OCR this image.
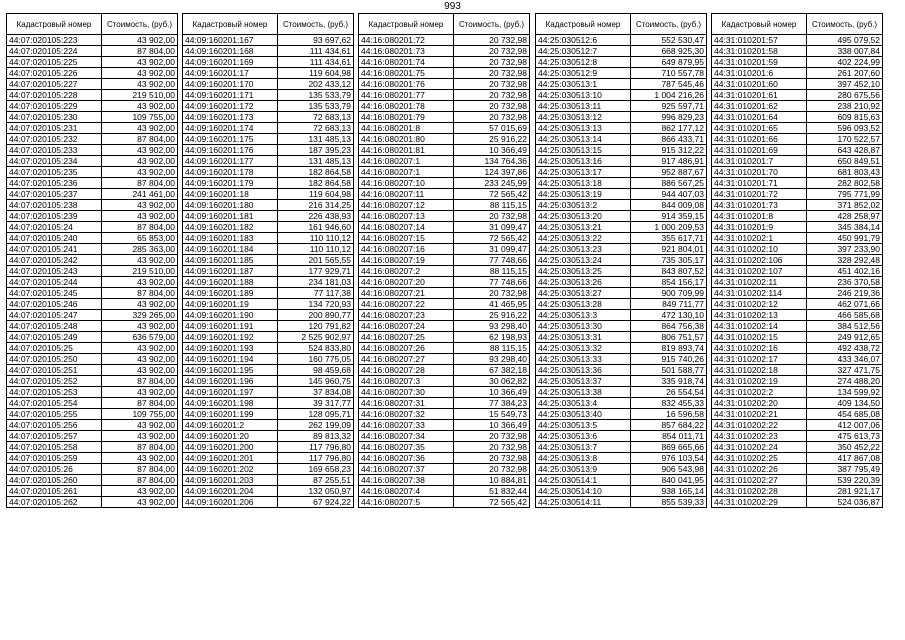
993
Кадастровый номер	Стоимость, (руб.)
44:07:020105:223	43 902,00
44:07:020105:224	87 804,00
44:07:020105:225	43 902,00
44:07:020105:226	43 902,00
44:07:020105:227	43 902,00
44:07:020105:228	219 510,00
44:07:020105:229	43 902,00
44:07:020105:230	109 755,00
44:07:020105:231	43 902,00
44:07:020105:232	87 804,00
44:07:020105:233	43 902,00
44:07:020105:234	43 902,00
44:07:020105:235	43 902,00
44:07:020105:236	87 804,00
44:07:020105:237	241 461,00
44:07:020105:238	43 902,00
44:07:020105:239	43 902,00
44:07:020105:24	87 804,00
44:07:020105:240	65 853,00
44:07:020105:241	285 363,00
44:07:020105:242	43 902,00
44:07:020105:243	219 510,00
44:07:020105:244	43 902,00
44:07:020105:245	87 804,00
44:07:020105:246	43 902,00
44:07:020105:247	329 265,00
44:07:020105:248	43 902,00
44:07:020105:249	636 579,00
44:07:020105:25	43 902,00
44:07:020105:250	43 902,00
44:07:020105:251	43 902,00
44:07:020105:252	87 804,00
44:07:020105:253	43 902,00
44:07:020105:254	87 804,00
44:07:020105:255	109 755,00
44:07:020105:256	43 902,00
44:07:020105:257	43 902,00
44:07:020105:258	87 804,00
44:07:020105:259	43 902,00
44:07:020105:26	87 804,00
44:07:020105:260	87 804,00
44:07:020105:261	43 902,00
44:07:020105:262	43 902,00
Кадастровый номер	Стоимость, (руб.)
44:09:160201:167	93 697,62
44:09:160201:168	111 434,61
44:09:160201:169	111 434,61
44:09:160201:17	119 604,98
44:09:160201:170	202 433,12
44:09:160201:171	135 533,79
44:09:160201:172	135 533,79
44:09:160201:173	72 683,13
44:09:160201:174	72 683,13
44:09:160201:175	131 485,13
44:09:160201:176	187 395,23
44:09:160201:177	131 485,13
44:09:160201:178	182 864,58
44:09:160201:179	182 864,58
44:09:160201:18	119 604,98
44:09:160201:180	216 314,25
44:09:160201:181	226 438,93
44:09:160201:182	161 946,60
44:09:160201:183	110 110,12
44:09:160201:184	110 110,12
44:09:160201:185	201 565,55
44:09:160201:187	177 929,71
44:09:160201:188	234 181,03
44:09:160201:189	77 117,38
44:09:160201:19	134 720,93
44:09:160201:190	200 890,77
44:09:160201:191	120 791,82
44:09:160201:192	2 525 902,97
44:09:160201:193	524 833,80
44:09:160201:194	160 775,05
44:09:160201:195	98 459,68
44:09:160201:196	145 960,75
44:09:160201:197	37 834,08
44:09:160201:198	39 317,77
44:09:160201:199	128 095,71
44:09:160201:2	262 199,09
44:09:160201:20	89 813,32
44:09:160201:200	117 796,80
44:09:160201:201	117 796,80
44:09:160201:202	169 658,23
44:09:160201:203	87 255,51
44:09:160201:204	132 050,97
44:09:160201:206	67 924,22
Кадастровый номер	Стоимость, (руб.)
44:16:080201:72	20 732,98
44:16:080201:73	20 732,98
44:16:080201:74	20 732,98
44:16:080201:75	20 732,98
44:16:080201:76	20 732,98
44:16:080201:77	20 732,98
44:16:080201:78	20 732,98
44:16:080201:79	20 732,98
44:16:080201:8	57 015,69
44:16:080201:80	25 916,22
44:16:080201:81	10 366,49
44:16:080207:1	134 764,36
44:16:080207:1	124 397,86
44:16:080207:10	233 245,99
44:16:080207:11	72 565,42
44:16:080207:12	88 115,15
44:16:080207:13	20 732,98
44:16:080207:14	31 099,47
44:16:080207:15	72 565,42
44:16:080207:16	31 099,47
44:16:080207:19	77 748,66
44:16:080207:2	88 115,15
44:16:080207:20	77 748,66
44:16:080207:21	20 732,98
44:16:080207:22	41 465,95
44:16:080207:23	25 916,22
44:16:080207:24	93 298,40
44:16:080207:25	62 198,93
44:16:080207:26	88 115,15
44:16:080207:27	93 298,40
44:16:080207:28	67 382,18
44:16:080207:3	30 062,82
44:16:080207:30	10 366,49
44:16:080207:31	77 384,23
44:16:080207:32	15 549,73
44:16:080207:33	10 366,49
44:16:080207:34	20 732,98
44:16:080207:35	20 732,98
44:16:080207:36	20 732,98
44:16:080207:37	20 732,98
44:16:080207:38	10 884,81
44:16:080207:4	51 832,44
44:16:080207:5	72 565,42
Кадастровый номер	Стоимость, (руб.)
44:25:030512:6	552 530,47
44:25:030512:7	668 925,30
44:25:030512:8	649 879,95
44:25:030512:9	710 557,78
44:25:030513:1	787 545,46
44:25:030513:10	1 004 216,26
44:25:030513:11	925 597,71
44:25:030513:12	996 829,23
44:25:030513:13	862 177,12
44:25:030513:14	866 433,71
44:25:030513:15	915 312,22
44:25:030513:16	917 486,91
44:25:030513:17	952 887,67
44:25:030513:18	886 567,25
44:25:030513:19	944 407,03
44:25:030513:2	844 009,08
44:25:030513:20	914 359,15
44:25:030513:21	1 000 209,53
44:25:030513:22	355 617,71
44:25:030513:23	921 804,01
44:25:030513:24	735 305,17
44:25:030513:25	843 807,52
44:25:030513:26	854 156,17
44:25:030513:27	900 709,99
44:25:030513:28	849 711,77
44:25:030513:3	472 130,10
44:25:030513:30	864 756,38
44:25:030513:31	806 751,57
44:25:030513:32	819 893,74
44:25:030513:33	915 740,26
44:25:030513:36	501 588,77
44:25:030513:37	335 918,74
44:25:030513:38	26 554,54
44:25:030513:4	832 455,33
44:25:030513:40	16 596,58
44:25:030513:5	857 684,22
44:25:030513:6	854 011,71
44:25:030513:7	869 665,66
44:25:030513:8	976 103,54
44:25:030513:9	906 543,98
44:25:030514:1	840 041,95
44:25:030514:10	938 165,14
44:25:030514:11	855 539,33
Кадастровый номер	Стоимость, (руб.)
44:31:010201:57	495 079,52
44:31:010201:58	338 007,84
44:31:010201:59	402 224,99
44:31:010201:6	261 207,60
44:31:010201:60	397 452,10
44:31:010201:61	280 675,56
44:31:010201:62	238 210,92
44:31:010201:64	609 815,63
44:31:010201:65	596 093,52
44:31:010201:66	170 522,57
44:31:010201:69	643 428,87
44:31:010201:7	650 849,51
44:31:010201:70	681 803,43
44:31:010201:71	282 802,58
44:31:010201:72	795 771,99
44:31:010201:73	371 852,02
44:31:010201:8	428 258,97
44:31:010201:9	345 384,14
44:31:010202:1	450 991,79
44:31:010202:10	397 233,90
44:31:010202:106	328 292,48
44:31:010202:107	451 402,16
44:31:010202:11	236 370,58
44:31:010202:114	246 219,36
44:31:010202:12	462 071,66
44:31:010202:13	466 585,68
44:31:010202:14	384 512,56
44:31:010202:15	249 912,65
44:31:010202:16	492 438,72
44:31:010202:17	433 346,07
44:31:010202:18	327 471,75
44:31:010202:19	274 488,20
44:31:010202:2	134 599,92
44:31:010202:20	409 134,50
44:31:010202:21	454 685,08
44:31:010202:22	412 007,06
44:31:010202:23	475 613,73
44:31:010202:24	350 452,22
44:31:010202:25	417 867,08
44:31:010202:26	387 795,49
44:31:010202:27	539 220,39
44:31:010202:28	281 921,17
44:31:010202:29	524 036,87
